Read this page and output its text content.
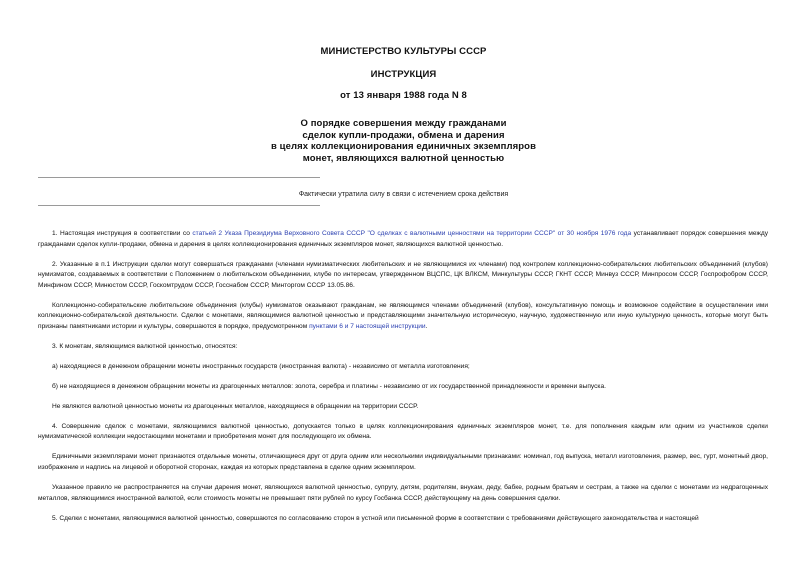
МИНИСТЕРСТВО КУЛЬТУРЫ СССР
ИНСТРУКЦИЯ
от 13 января 1988 года N 8
О порядке совершения между гражданами
сделок купли-продажи, обмена и дарения
в целях коллекционирования единичных экземпляров
монет, являющихся валютной ценностью
Фактически утратила силу в связи с истечением срока действия

1. Настоящая инструкция в соответствии со статьей 2 Указа Президиума Верховного Совета СССР "О сделках с валютными ценностями на территории СССР" от 30 ноября 1976 года устанавливает порядок совершения между гражданами сделок купли-продажи, обмена и дарения в целях коллекционирования единичных экземпляров монет, являющихся валютной ценностью.

2. Указанные в п.1 Инструкции сделки могут совершаться гражданами (членами нумизматических любительских и не являющимися их членами) под контролем коллекционно-собирательских любительских объединений (клубов) нумизматов, создаваемых в соответствии с Положением о любительском объединении, клубе по интересам, утвержденном ВЦСПС, ЦК ВЛКСМ, Минкультуры СССР, ГКНТ СССР, Минвуз СССР, Минпросом СССР, Госпрофобром СССР, Минфином СССР, Минюстом СССР, Госкомтрудом СССР, Госснабом СССР, Минторгом СССР 13.05.86.

Коллекционно-собирательские любительские объединения (клубы) нумизматов оказывают гражданам, не являющимся членами объединений (клубов), консультативную помощь и возможное содействие в осуществлении ими коллекционно-собирательской деятельности. Сделки с монетами, являющимися валютной ценностью и представляющими значительную историческую, научную, художественную или иную культурную ценность, которые могут быть признаны памятниками истории и культуры, совершаются в порядке, предусмотренном пунктами 6 и 7 настоящей инструкции.

3. К монетам, являющимся валютной ценностью, относятся:

а) находящиеся в денежном обращении монеты иностранных государств (иностранная валюта) - независимо от металла изготовления;

б) не находящиеся в денежном обращении монеты из драгоценных металлов: золота, серебра и платины - независимо от их государственной принадлежности и времени выпуска.

Не являются валютной ценностью монеты из драгоценных металлов, находящиеся в обращении на территории СССР.

4. Совершение сделок с монетами, являющимися валютной ценностью, допускается только в целях коллекционирования единичных экземпляров монет, т.е. для пополнения каждым или одним из участников сделки нумизматической коллекции недостающими монетами и приобретения монет для последующего их обмена.

Единичными экземплярами монет признаются отдельные монеты, отличающиеся друг от друга одним или несколькими индивидуальными признаками: номинал, год выпуска, металл изготовления, размер, вес, гурт, монетный двор, изображение и надпись на лицевой и оборотной сторонах, каждая из которых представлена в сделке одним экземпляром.

Указанное правило не распространяется на случаи дарения монет, являющихся валютной ценностью, супругу, детям, родителям, внукам, деду, бабке, родным братьям и сестрам, а также на сделки с монетами из недрагоценных металлов, являющимися иностранной валютой, если стоимость монеты не превышает пяти рублей по курсу Госбанка СССР, действующему на день совершения сделки.

5. Сделки с монетами, являющимися валютной ценностью, совершаются по согласованию сторон в устной или письменной форме в соответствии с требованиями действующего законодательства и настоящей
